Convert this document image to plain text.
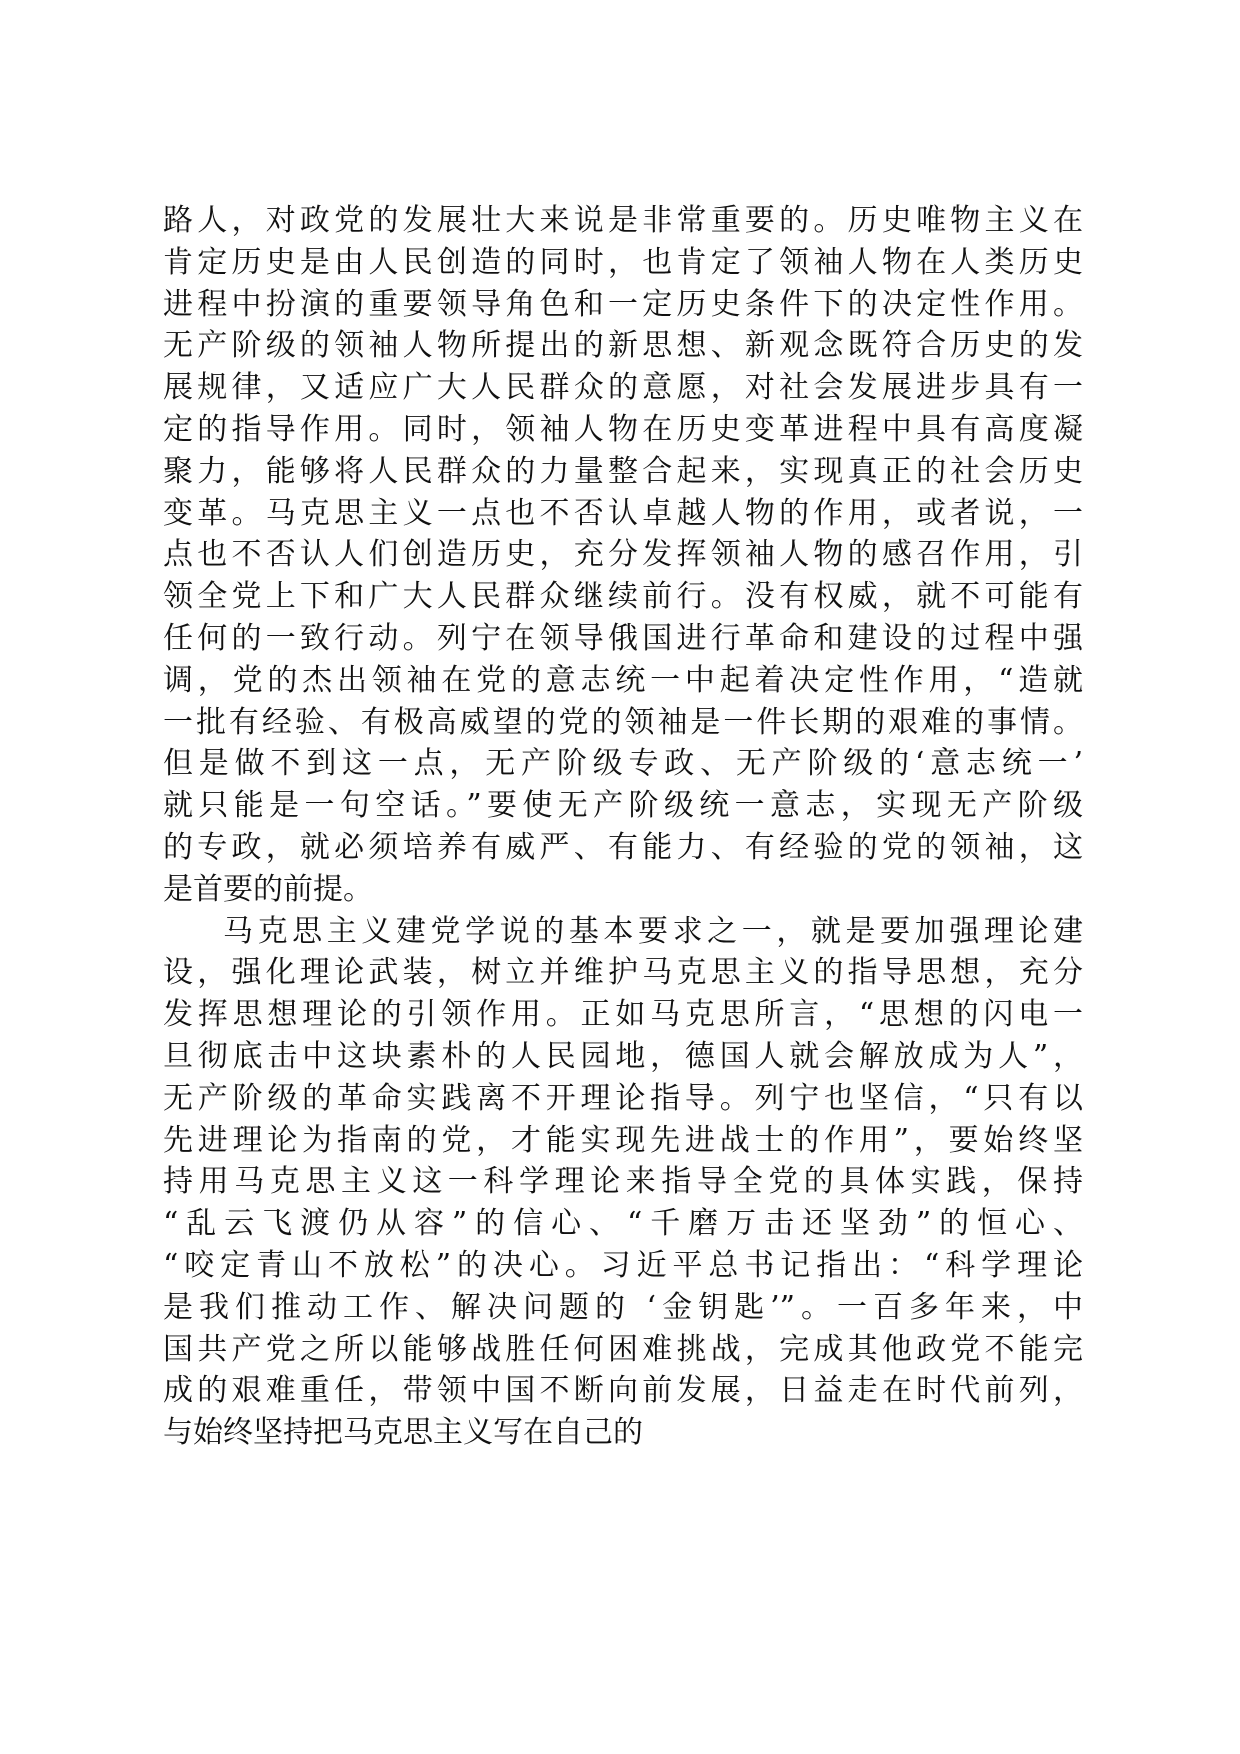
路人，对政党的发展壮大来说是非常重要的。历史唯物主义在
肯定历史是由人民创造的同时，也肯定了领袖人物在人类历史
进程中扮演的重要领导角色和一定历史条件下的决定性作用。
无产阶级的领袖人物所提出的新思想、新观念既符合历史的发
展规律，又适应广大人民群众的意愿，对社会发展进步具有一
定的指导作用。同时，领袖人物在历史变革进程中具有高度凝
聚力，能够将人民群众的力量整合起来，实现真正的社会历史
变革。马克思主义一点也不否认卓越人物的作用，或者说，一
点也不否认人们创造历史，充分发挥领袖人物的感召作用，引
领全党上下和广大人民群众继续前行。没有权威，就不可能有
任何的一致行动。列宁在领导俄国进行革命和建设的过程中强
调，党的杰出领袖在党的意志统一中起着决定性作用，“造就
一批有经验、有极高威望的党的领袖是一件长期的艰难的事情。
但是做不到这一点，无产阶级专政、无产阶级的‘意志统一’
就只能是一句空话。”要使无产阶级统一意志，实现无产阶级
的专政，就必须培养有威严、有能力、有经验的党的领袖，这
是首要的前提。
马克思主义建党学说的基本要求之一，就是要加强理论建
设，强化理论武装，树立并维护马克思主义的指导思想，充分
发挥思想理论的引领作用。正如马克思所言，“思想的闪电一
旦彻底击中这块素朴的人民园地，德国人就会解放成为人”，
无产阶级的革命实践离不开理论指导。列宁也坚信，“只有以
先进理论为指南的党，才能实现先进战士的作用”，要始终坚
持用马克思主义这一科学理论来指导全党的具体实践，保持
“乱云飞渡仍从容”的信心、“千磨万击还坚劲”的恒心、
“咬定青山不放松”的决心。习近平总书记指出：“科学理论
是我们推动工作、解决问题的 ‘金钥匙’”。一百多年来，中
国共产党之所以能够战胜任何困难挑战，完成其他政党不能完
成的艰难重任，带领中国不断向前发展，日益走在时代前列，
与始终坚持把马克思主义写在自己的
